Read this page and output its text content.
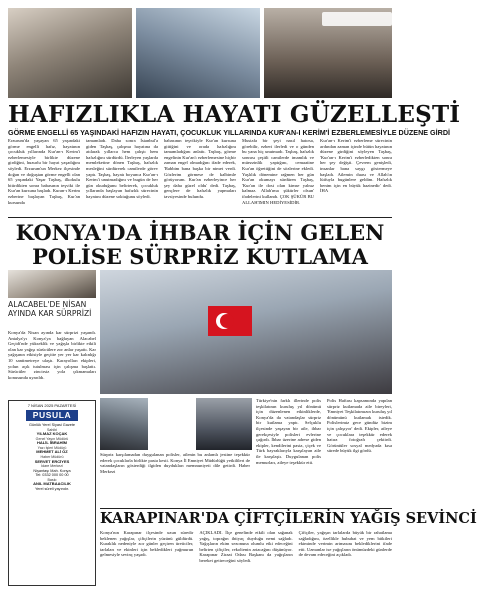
HAFIZLIKLA HAYATI GÜZELLEŞTİ
GÖRME ENGELLİ 65 YAŞINDAKİ HAFIZIN HAYATI, ÇOCUKLUK YILLARINDA KUR'AN-I KERİM'İ EZBERLEMESİYLE DÜZENE GİRDİ
Erzurum'da yaşayan 65 yaşındaki görme engelli hafız, hayatının çocukluk yıllarında Kur'an-ı Kerim'i ezberlemesiyle birlikte düzene girdiğini, huzurlu bir hayat yaşadığını söyledi. Erzurum'un Merkez ilçesinde doğan ve doğuştan görme engelli olan 65 yaşındaki Yaşar Taşbaş, ilkokulu bitirdikten sonra babasının teşviki ile Kur'an kursuna başladı. Kuran-ı Kerim ezberine başlayan Taşbaş, Kur'an kursunda
tamamladı. Daha sonra İstanbul'a giden Taşbaş, çalışma hayatına da atılarak yıllarca hem çalıştı hem hafızlığını sürdürdü. İlerleyen yaşlarda memleketine dönen Taşbaş, hafızlık mesleğini sürdürerek camilerde görev yaptı. Taşbaş, hayatı boyunca Kur'an-ı Kerim'i unutmadığını ve bugün de her gün okuduğunu belirterek, çocukluk yıllarında başlayan hafızlık sürecinin hayatını düzene soktuğunu söyledi.
babasının teşvikiyle Kur'an kursuna gittiğini ve orada hafızlığını tamamladığını anlattı. Taşbaş, görme engelinin Kur'an'ı ezberlemesine hiçbir zaman engel olmadığını ifade ederek, 'Rabbim bana başka bir nimet verdi. Gözlerim görmese de kalbimle görüyorum. Kur'an ezberleyince her şey daha güzel oldu' dedi. Taşbaş, gençlere de hafızlık yapmaları tavsiyesinde bulundu.
Mustafa bir şeyi nasıl hatırsa, görebilir, ezberi ilerledi ve o günden bu yana hiç unutmadı. Taşbaş, hafızlık sonrası çeşitli camilerde imamlık ve müezzinlik yaptığını, cemaatine Kur'an öğrettiğini de sözlerine ekledi. Yaşlılık dönemine rağmen her gün Kur'an okumayı sürdüren Taşbaş, 'Kur'an ile dost olan kimse yalnız kalmaz. Allah'ıma şükürler olsun' ifadelerini kullandı. ÇOK ŞÜKÜR BU ALLAH'IMIN HEDİYESİDİR.
Kur'an-ı Kerim'i ezberleme sürecinin ardından zaman içinde bütün hayatının düzene girdiğini söyleyen Taşbaş, 'Kur'an-ı Kerim'i ezberledikten sonra her şey değişti. Çevrem genişledi, insanlar bana saygı göstermeye başladı. Ailemin duası ve Allah'ın lütfuyla bugünlere geldim. Hafızlık benim için en büyük hazinedir' dedi. İHA
KONYA'DA İHBAR İÇİN GELEN
POLİSE SÜRPRİZ KUTLAMA
ALACABEL'DE NİSAN AYINDA KAR SÜRPRİZİ
Konya'da Nisan ayında kar sürprizi yaşandı. Antalya'yı Konya'ya bağlayan Alacabel Geçidi'nde yükseklik ve yağışla birlikte etkili olan kar yağışı sürücülere zor anlar yaşattı. Kar yağışının etkisiyle geçitte yer yer kar kalınlığı 10 santimetreye ulaştı. Karayolları ekipleri, yolun açık tutulması için çalışma başlattı. Sürücüler zincirsiz yola çıkmamaları konusunda uyarıldı.
Türkiye'nin farklı illerinde polis teşkilatının kuruluş yıl dönümü için düzenlenen etkinliklerde, Konya'da da vatandaşlar sürpriz bir kutlama yaptı. Selçuklu ilçesinde yaşayan bir aile, ihbar gerekçesiyle polisleri evlerine çağırdı. İhbar üzerine adrese giden ekipler, kendilerini pasta, çiçek ve Türk bayraklarıyla karşılayan aile ile karşılaştı. Duygulanan polis memurları, aileye teşekkür etti.
Polis Haftası kapsamında yapılan sürpriz kutlamada aile bireyleri, 'Emniyet Teşkilatımızın kuruluş yıl dönümünü kutlamak istedik. Polislerimiz gece gündüz bizim için çalışıyor' dedi. Ekipler, aileye ve çocuklara teşekkür ederek hatıra fotoğrafı çektirdi. Görüntüler sosyal medyada kısa sürede büyük ilgi gördü.
Sürpriz karşılamadan duygulanan polisler, ailenin bu anlamlı jestine teşekkür ederek çocuklarla birlikte pasta kesti. Konya İl Emniyet Müdürlüğü yetkilileri de vatandaşların gösterdiği ilgiden duydukları memnuniyeti dile getirdi. Haber Merkezi
7 NİSAN 2025 PAZARTESİ
PUSULA
Günlük Yerel Siyasi Gazete
Sahibi
YILMAZ KOÇAK
Genel Yayın Müdürü
HALİL İBRAHİM
Yazı İşleri Müdürü
MEHMET ALİ ÖZ
Haber Müdürü
SERVET ERCİYES
İdare Merkezi
Nişantaşı Mah. Konya
Tel: 0332 000 00 00
Baskı
ANIL MATBAACILIK
Yerel süreli yayındır.
KARAPINAR'DA ÇİFTÇİLERİN YAĞIŞ SEVİNCİ
Konya'nın Karapınar ilçesinde uzun süredir beklenen yağışlar, çiftçilerin yüzünü güldürdü. Kuraklık nedeniyle zor günler geçiren üreticiler, tarlaları ve ekinleri için bekledikleri yağmurun gelmesiyle sevinç yaşadı.
AÇIKLADI. İlçe genelinde etkili olan sağanak yağış, toprağın ihtiyaç duyduğu nemi sağladı. Yağışların ekim sezonuna olumlu etki edeceğini belirten çiftçiler, rekoltenin artacağını düşünüyor. Karapınar Ziraat Odası Başkanı da yağışların bereket getireceğini söyledi.
Çiftçiler, yağışın tarlalarda büyük bir rahatlama sağladığını, özellikle hububat ve yem bitkileri ekiminde verimin artmasını beklediklerini ifade etti. Uzmanlar ise yağışların önümüzdeki günlerde de devam edeceğini açıkladı.
